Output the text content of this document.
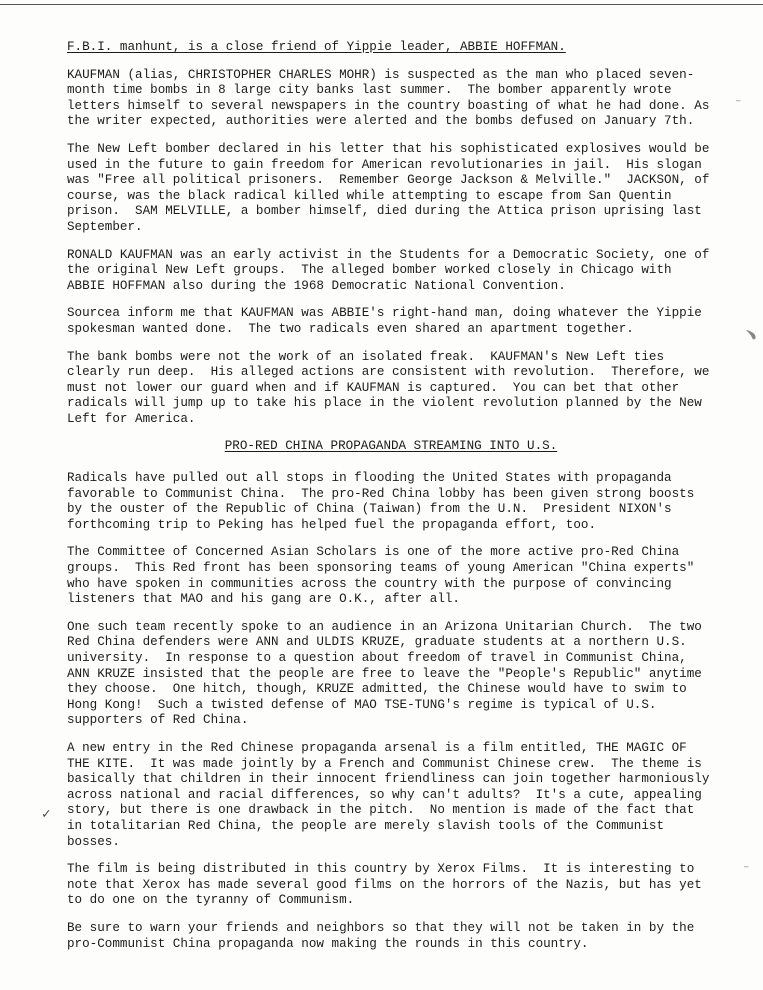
F.B.I. manhunt, is a close friend of Yippie leader, ABBIE HOFFMAN.

KAUFMAN (alias, CHRISTOPHER CHARLES MOHR) is suspected as the man who placed seven-month time bombs in 8 large city banks last summer.  The bomber apparently wrote letters himself to several newspapers in the country boasting of what he had done. As the writer expected, authorities were alerted and the bombs defused on January 7th.

The New Left bomber declared in his letter that his sophisticated explosives would be used in the future to gain freedom for American revolutionaries in jail.  His slogan was "Free all political prisoners.  Remember George Jackson & Melville."  JACKSON, of course, was the black radical killed while attempting to escape from San Quentin prison.  SAM MELVILLE, a bomber himself, died during the Attica prison uprising last September.

RONALD KAUFMAN was an early activist in the Students for a Democratic Society, one of the original New Left groups.  The alleged bomber worked closely in Chicago with ABBIE HOFFMAN also during the 1968 Democratic National Convention.

Sourcea inform me that KAUFMAN was ABBIE's right-hand man, doing whatever the Yippie spokesman wanted done.  The two radicals even shared an apartment together.

The bank bombs were not the work of an isolated freak.  KAUFMAN's New Left ties clearly run deep.  His alleged actions are consistent with revolution.  Therefore, we must not lower our guard when and if KAUFMAN is captured.  You can bet that other radicals will jump up to take his place in the violent revolution planned by the New Left for America.

PRO-RED CHINA PROPAGANDA STREAMING INTO U.S.

Radicals have pulled out all stops in flooding the United States with propaganda favorable to Communist China.  The pro-Red China lobby has been given strong boosts by the ouster of the Republic of China (Taiwan) from the U.N.  President NIXON's forthcoming trip to Peking has helped fuel the propaganda effort, too.

The Committee of Concerned Asian Scholars is one of the more active pro-Red China groups.  This Red front has been sponsoring teams of young American "China experts" who have spoken in communities across the country with the purpose of convincing listeners that MAO and his gang are O.K., after all.

One such team recently spoke to an audience in an Arizona Unitarian Church.  The two Red China defenders were ANN and ULDIS KRUZE, graduate students at a northern U.S. university.  In response to a question about freedom of travel in Communist China, ANN KRUZE insisted that the people are free to leave the "People's Republic" anytime they choose.  One hitch, though, KRUZE admitted, the Chinese would have to swim to Hong Kong!  Such a twisted defense of MAO TSE-TUNG's regime is typical of U.S. supporters of Red China.

A new entry in the Red Chinese propaganda arsenal is a film entitled, THE MAGIC OF THE KITE.  It was made jointly by a French and Communist Chinese crew.  The theme is basically that children in their innocent friendliness can join together harmoniously across national and racial differences, so why can't adults?  It's a cute, appealing story, but there is one drawback in the pitch.  No mention is made of the fact that in totalitarian Red China, the people are merely slavish tools of the Communist bosses.

The film is being distributed in this country by Xerox Films.  It is interesting to note that Xerox has made several good films on the horrors of the Nazis, but has yet to do one on the tyranny of Communism.

Be sure to warn your friends and neighbors so that they will not be taken in by the pro-Communist China propaganda now making the rounds in this country.

⁻
﹅
✓
⁻
